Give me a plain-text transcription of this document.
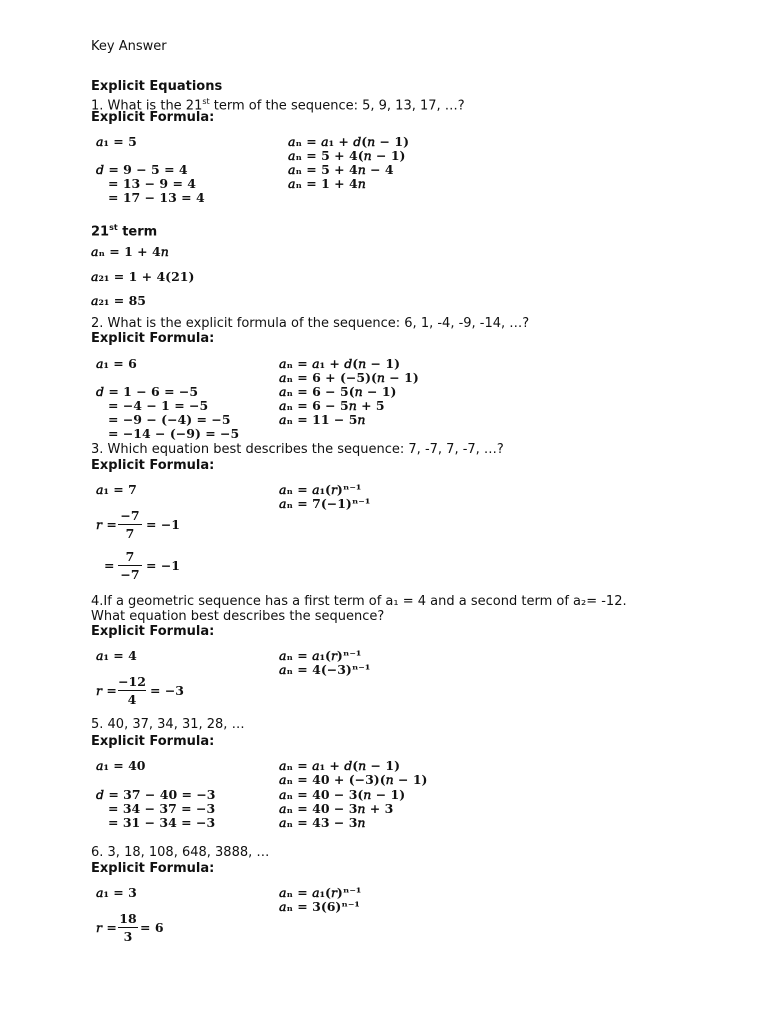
Key Answer
Explicit Equations
1. What is the 21st term of the sequence: 5, 9, 13, 17, …?
Explicit Formula:
𝑎₁ = 5
𝑑 = 9 − 5 = 4
= 13 − 9 = 4
= 17 − 13 = 4
𝑎ₙ = 𝑎₁ + 𝑑(𝑛 − 1)
𝑎ₙ = 5 + 4(𝑛 − 1)
𝑎ₙ = 5 + 4𝑛 − 4
𝑎ₙ = 1 + 4𝑛
21st term
𝑎ₙ = 1 + 4𝑛
𝑎₂₁ = 1 + 4(21)
𝑎₂₁ = 85
2. What is the explicit formula of the sequence: 6, 1, -4, -9, -14, …?
Explicit Formula:
𝑎₁ = 6
𝑑 = 1 − 6 = −5
= −4 − 1 = −5
= −9 − (−4) = −5
= −14 − (−9) = −5
𝑎ₙ = 𝑎₁ + 𝑑(𝑛 − 1)
𝑎ₙ = 6 + (−5)(𝑛 − 1)
𝑎ₙ = 6 − 5(𝑛 − 1)
𝑎ₙ = 6 − 5𝑛 + 5
𝑎ₙ = 11 − 5𝑛
3. Which equation best describes the sequence: 7, -7, 7, -7, …?
Explicit Formula:
𝑎₁ = 7
𝑟 =
−7
7
= −1
=
7
−7
= −1
𝑎ₙ = 𝑎₁(𝑟)ⁿ⁻¹
𝑎ₙ = 7(−1)ⁿ⁻¹
4.If a geometric sequence has a first term of a₁ = 4 and a second term of a₂= -12.
What equation best describes the sequence?
Explicit Formula:
𝑎₁ = 4
𝑟 =
−12
4
= −3
𝑎ₙ = 𝑎₁(𝑟)ⁿ⁻¹
𝑎ₙ = 4(−3)ⁿ⁻¹
5. 40, 37, 34, 31, 28, …
Explicit Formula:
𝑎₁ = 40
𝑑 = 37 − 40 = −3
= 34 − 37 = −3
= 31 − 34 = −3
𝑎ₙ = 𝑎₁ + 𝑑(𝑛 − 1)
𝑎ₙ = 40 + (−3)(𝑛 − 1)
𝑎ₙ = 40 − 3(𝑛 − 1)
𝑎ₙ = 40 − 3𝑛 + 3
𝑎ₙ = 43 − 3𝑛
6. 3, 18, 108, 648, 3888, …
Explicit Formula:
𝑎₁ = 3
𝑟 =
18
3
= 6
𝑎ₙ = 𝑎₁(𝑟)ⁿ⁻¹
𝑎ₙ = 3(6)ⁿ⁻¹
